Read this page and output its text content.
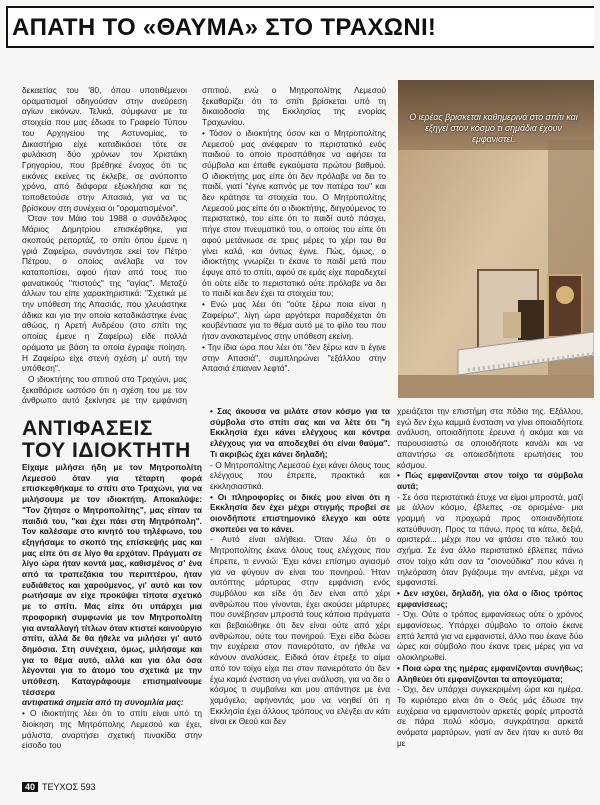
ΑΠΑΤΗ ΤΟ «ΘΑΥΜΑ» ΣΤΟ ΤΡΑΧΩΝΙ!

δεκαετίας του '80, όπου υποτιθέμενοι οραματισμοί οδηγούσαν στην ανεύρεση αγίων εικόνων. Τελικά, σύμφωνα με τα στοιχεία που μας έδωσε το Γραφείο Τύπου του Αρχηγείου της Αστυνομίας, το Δικαστήριο είχε καταδικάσει τότε σε φυλάκιση δύο χρόνων τον Χριστάκη Γρηγορίου, που βρέθηκε ένοχος ότι τις εικόνες εκείνες τις έκλεβε, σε ανύποπτο χρόνο, από διάφορα εξωκλήσια και τις τοποθετούσε στην Απασιιά, για να τις βρίσκουν στη συνέχεια οι "οραματισμένοι".

Όταν τον Μάιο του 1988 ο συνάδελφος Μάριος Δημητρίου επισκέφθηκε, για σκοπούς ρεπορτάζ, το σπίτι όπου έμενε η γριά Ζαφείρω, συνάντησε εκεί τον Πέτρο Πέτρου, ο οποίος ανέλαβε να τον καταποπίσει, αφού ήταν από τους πιο φανατικούς "πιστούς" της "αγίας". Μεταξύ άλλων του είπε χαρακτηριστικά: "Σχετικά με την υπόθεση της Απασιάς, που χλευάστηκε άδικα και για την οποία καταδικάστηκε ένας αθώος, η Αρετή Ανδρέου (στο σπίτι της οποίας έμενε η Ζαφείρω) είδε πολλά οράματα με βάση τα οποία έγραψε ποίηση. Η Ζαφείρω είχε στενή σχέση μ' αυτή την υπόθεση".

Ο ιδιοκτήτης του σπιτιού στο Τραχώνι, μας ξεκαθάρισε ωστόσο ότι η σχέση του με τον άνθρωπο αυτό ξεκίνησε με την εμφάνιση

σπιτιού, ενώ ο Μητροπολίτης Λεμεσού ξεκαθαρίζει ότι το σπίτι βρίσκεται υπό τη δικαιοδοσία της Εκκλησίας της ενορίας Τραχωνίου.

• Τόσον ο ιδιοκτήτης όσον και ο Μητροπολίτης Λεμεσού μας ανέφεραν το περιστατικό ενός παιδιού το οποίο προσπάθησε να αφήσει τα σύμβολα και έπαθε εγκαύματα πρώτου βαθμού. Ο ιδιοκτήτης μας είπε ότι δεν πρόλαβε να δει το παιδί, γιατί "έγινε καπνός με τον πατέρα του" και δεν κράτησε τα στοιχεία του. Ο Μητροπολίτης Λεμεσού μας είπε ότι ο ιδιοκτήτης, διηγούμενος το περιστατικό, του είπε ότι το παιδί αυτό πάσχει, πήγε στον πνευματικό του, ο οποίος του είπε ότι αφού μετάνιωσε σε τρεις μέρες το χέρι του θα γίνει καλά, και όντως έγινε. Πώς, όμως, ο ιδιοκτήτης γνωρίζει τι έκανε το παιδί μετά που έφυγε από το σπίτι, αφού σε εμάς είχε παραδεχτεί ότι ούτε είδε το περιστατικό ούτε πρόλαβε να δει το παιδί και δεν έχει τα στοιχεία του;

• Ενώ μας λέει ότι "ούτε ξέρω ποια είναι η Ζαφείρω", λίγη ώρα αργότερα παραδέχεται ότι κουβέντιασε για το θέμα αυτό με το φίλο του που ήταν ανακατεμένος στην υπόθεση εκείνη.

• Την ίδια ώρα που λέει ότι "δεν ξέρω καν τι έγινε στην Απασιά", συμπληρώνει "εξάλλου στην Απασιά έπιαναν λεφτά".

Ο ιερέας βρισκεται καθημερινά στο σπίτι και εξηγεί στον κόσμο τι σημάδια έχουν εμφανιστεί.
ΑΝΤΙΦΑΣΕΙΣ ΤΟΥ ΙΔΙΟΚΤΗΤΗ

Είχαμε μιλήσει ήδη με τον Μητροπολίτη Λεμεσού όταν για τέταρτη φορά επισκεφθήκαμε το σπίτι στο Τραχώνι, για να μιλήσουμε με τον ιδιοκτήτη. Αποκαλύψε: "Τον ζήτησε ο Μητροπολίτης", μας είπαν τα παιδιά του, "και έχει πάει στη Μητρόπολη". Τον καλέσαμε στο κινητό του τηλέφωνο, του εξηγήσαμε το σκοπό της επίσκεψής μας και μας είπε ότι σε λίγο θα ερχόταν. Πράγματι σε λίγο ώρα ήταν κοντά μας, καθισμένος σ' ένα από τα τραπεζάκια του περιπτέρου, ήταν ευδιάθετος και χαρούμενος, γι' αυτό και τον ρωτήσαμε αν είχε προκύψει τίποτα σχετικό με το σπίτι. Μας είπε ότι υπάρχει μια προφορική συμφωνία με τον Μητροπολίτη για ανταλλαγή τίτλων όταν κτιστεί καινούργιο σπίτι, αλλά δε θα ήθελε να μιλήσει γι' αυτό δημόσια. Στη συνέχεια, όμως, μιλήσαμε και για το θέμα αυτό, αλλά και για όλα όσα λέγονται για το άτομο του σχετικά με την υπόθεση. Καταγράφουμε επισημαίνουμε τέσσερα

αντιφατικά σημεία από τη συνομιλία μας:

• Ο ιδιοκτήτης λέει ότι το σπίτι είναι υπό τη διοίκηση της Μητρόπολης Λεμεσού και έχει, μάλιστα, αναρτήσει σχετική πινακίδα στην είσοδο του

• Σας άκουσα να μιλάτε στον κόσμο για τα σύμβολα στο σπίτι σας και να λέτε ότι "η Εκκλησία έχει κάνει ελέγχους και κόντρα ελέγχους για να αποδεχθεί ότι είναι θαύμα". Τι ακριβώς έχει κάνει δηλαδή;

- Ο Μητροπολίτης Λεμεσού έχει κάνει όλους τους ελέγχους που έπρεπε, πρακτικά και εκκλησιαστικά.

• Οι πληροφορίες οι δικές μου είναι ότι η Εκκλησία δεν έχει μέχρι στιγμής προβεί σε οιονδήποτε επιστημονικό έλεγχο και ούτε σκοπεύει να το κάνει.

- Αυτό είναι αλήθεια. Όταν λέω ότι ο Μητροπολίτης έκανε όλους τους ελέγχους που έπρεπε, τι εννοώ: Έχει κάνει επίσημο αγιασμό για να φύγουν αν είναι του πονηρού. Ήταν αυτόπτης μάρτυρας στην εμφάνιση ενός συμβόλου και είδε ότι δεν είναι από χέρι ανθρώπου που γίνονται, έχει ακούσει μάρτυρες που συνέβησαν μπροστά τους κάποια πράγματα και βεβαιώθηκε ότι δεν είναι ούτε από χέρι ανθρώπου, ούτε του πονηρού. Έχει είδα δώσει την ευχέρεια στον πανιερότατο, αν ήθελε να κάνουν αναλύσεις. Ειδικά όταν έτρεξε το αίμα από τον τοίχο είχα πει στον πανιερότατο ότι δεν έχω καμιά ένσταση να γίνει ανάλυση, για να δει ο κόσμος τι συμβαίνει και μου απάντησε με ένα χαμόγελο, αφήνοντάς μου να νοηθεί ότι η Εκκλησία έχει άλλους τρόπους να ελέγξει αν κάτι είναι εκ Θεού και δεν

χρειάζεται την επιστήμη στα πόδια της. Εξάλλου, εγώ δεν έχω καμμιά ένσταση να γίνει οποιαδήποτε ανάλυση, οποιαδήποτε έρευνα ή ακόμα και να παρουσιαστώ σε οποιοδήποτε κανάλι και να απαντήσω σε οποιεσδήποτε ερωτήσεις του κόσμου.

• Πώς εμφανίζονται στον τοίχο τα σύμβολα αυτά;

- Σε όσα περιστατικά έτυχε να είμαι μπροστά, μαζί με άλλον κόσμο, έβλεπες -σε ορισμένα- μια γραμμή να προχωρά προς οποιανδήποτε κατεύθυνση. Προς τα πάνω, προς τα κάτω, δεξιά, αριστερά... μέχρι που να φτάσει στο τελικό του σχήμα. Σε ένα άλλο περιστατικό έβλεπες πάνω στον τοίχο κάτι σαν τα "σιονούδικα" που κάνει η τηλεόραση όταν βγάζουμε την αντένα, μέχρι να εμφανιστεί.

• Δεν ισχύει, δηλαδή, για όλα ο ίδιος τρόπος εμφανίσεως;

- Όχι. Ούτε ο τρόπος εμφανίσεως ούτε ο χρόνος εμφανίσεως. Υπάρχει σύμβολο το οποίο έκανε επτά λεπτά για να εμφανιστεί, άλλο που έκανε δύο ώρες και σύμβολο που έκανε τρεις μέρες για να ολοκληρωθεί.

• Ποια ώρα της ημέρας εμφανίζονται συνήθως; Αληθεύει ότι εμφανίζονται τα απογεύματα;

- Όχι, δεν υπάρχει συγκεκριμένη ώρα και ημέρα. Το κυριότερο είναι ότι ο Θεός μάς έδωσε την ευχέρεια να εμφανιστούν αρκετές φορές μπροστά σε πάρα πολύ κόσμο, συγκράτησα αρκετά ονόματα μαρτύρων, γιατί αν δεν ήταν κι αυτό θα με

40 ΤΕΥΧΟΣ 593
